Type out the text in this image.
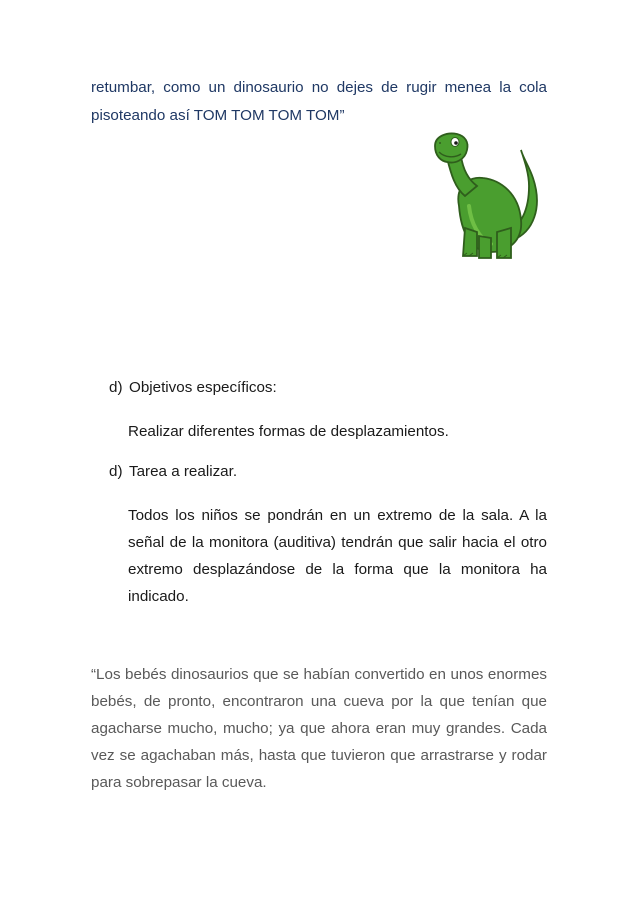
retumbar, como un dinosaurio no dejes de rugir menea la cola
pisoteando así TOM TOM TOM TOM”
d) Objetivos específicos:
Realizar diferentes formas de desplazamientos.
d) Tarea a realizar.
Todos los niños se pondrán en un extremo de la sala. A la
señal de la monitora (auditiva) tendrán que salir hacia el otro
extremo desplazándose de la forma que la monitora ha
indicado.
“Los bebés dinosaurios que se habían convertido en unos enormes
bebés, de pronto, encontraron una cueva por la que tenían que
agacharse mucho, mucho; ya que ahora eran muy grandes. Cada
vez se agachaban más, hasta que tuvieron que arrastrarse y rodar
para sobrepasar la cueva.
